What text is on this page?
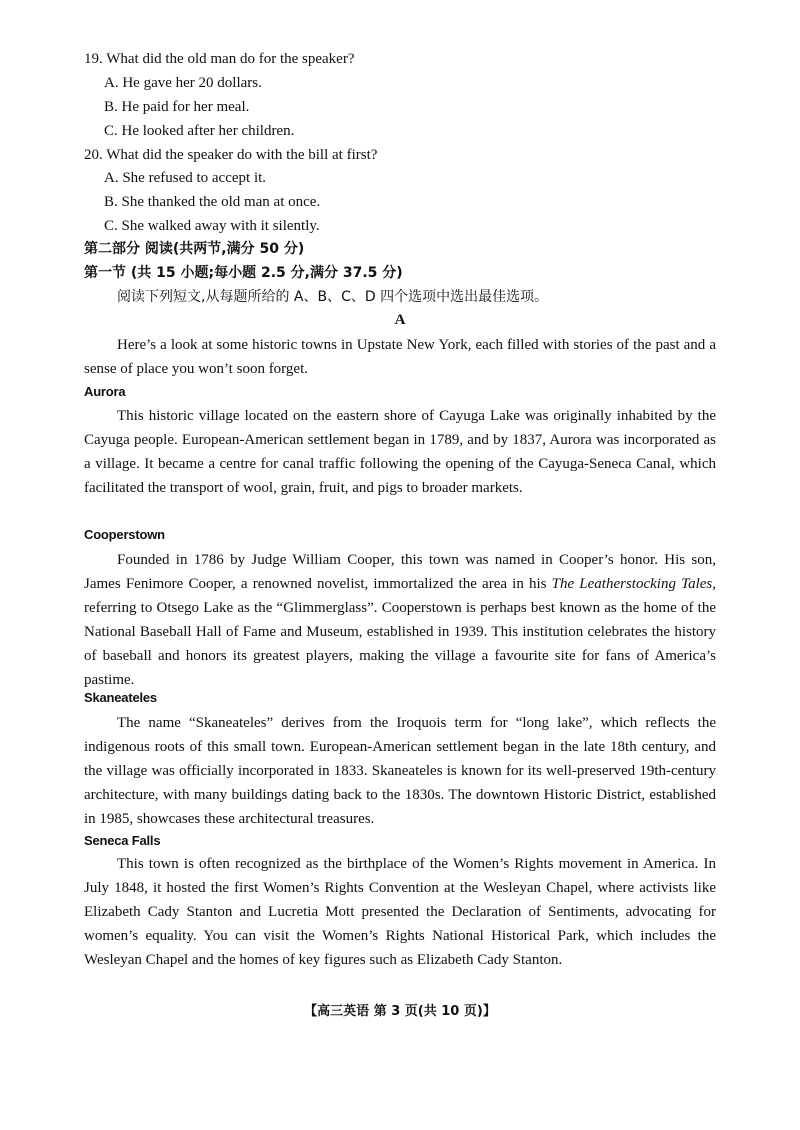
19. What did the old man do for the speaker?
A. He gave her 20 dollars.
B. He paid for her meal.
C. He looked after her children.
20. What did the speaker do with the bill at first?
A. She refused to accept it.
B. She thanked the old man at once.
C. She walked away with it silently.
第二部分 阅读(共两节,满分 50 分)
第一节 (共 15 小题;每小题 2.5 分,满分 37.5 分)
阅读下列短文,从每题所给的 A、B、C、D 四个选项中选出最佳选项。
A

Here’s a look at some historic towns in Upstate New York, each filled with stories of the past and a sense of place you won’t soon forget.

Aurora

This historic village located on the eastern shore of Cayuga Lake was originally inhabited by the Cayuga people. European-American settlement began in 1789, and by 1837, Aurora was incorporated as a village. It became a centre for canal traffic following the opening of the Cayuga-Seneca Canal, which facilitated the transport of wool, grain, fruit, and pigs to broader markets.

Cooperstown

Founded in 1786 by Judge William Cooper, this town was named in Cooper’s honor. His son, James Fenimore Cooper, a renowned novelist, immortalized the area in his The Leatherstocking Tales, referring to Otsego Lake as the “Glimmerglass”. Cooperstown is perhaps best known as the home of the National Baseball Hall of Fame and Museum, established in 1939. This institution celebrates the history of baseball and honors its greatest players, making the village a favourite site for fans of America’s pastime.

Skaneateles

The name “Skaneateles” derives from the Iroquois term for “long lake”, which reflects the indigenous roots of this small town. European-American settlement began in the late 18th century, and the village was officially incorporated in 1833. Skaneateles is known for its well-preserved 19th-century architecture, with many buildings dating back to the 1830s. The downtown Historic District, established in 1985, showcases these architectural treasures.

Seneca Falls

This town is often recognized as the birthplace of the Women’s Rights movement in America. In July 1848, it hosted the first Women’s Rights Convention at the Wesleyan Chapel, where activists like Elizabeth Cady Stanton and Lucretia Mott presented the Declaration of Sentiments, advocating for women’s equality. You can visit the Women’s Rights National Historical Park, which includes the Wesleyan Chapel and the homes of key figures such as Elizabeth Cady Stanton.

【高三英语 第 3 页(共 10 页)】
